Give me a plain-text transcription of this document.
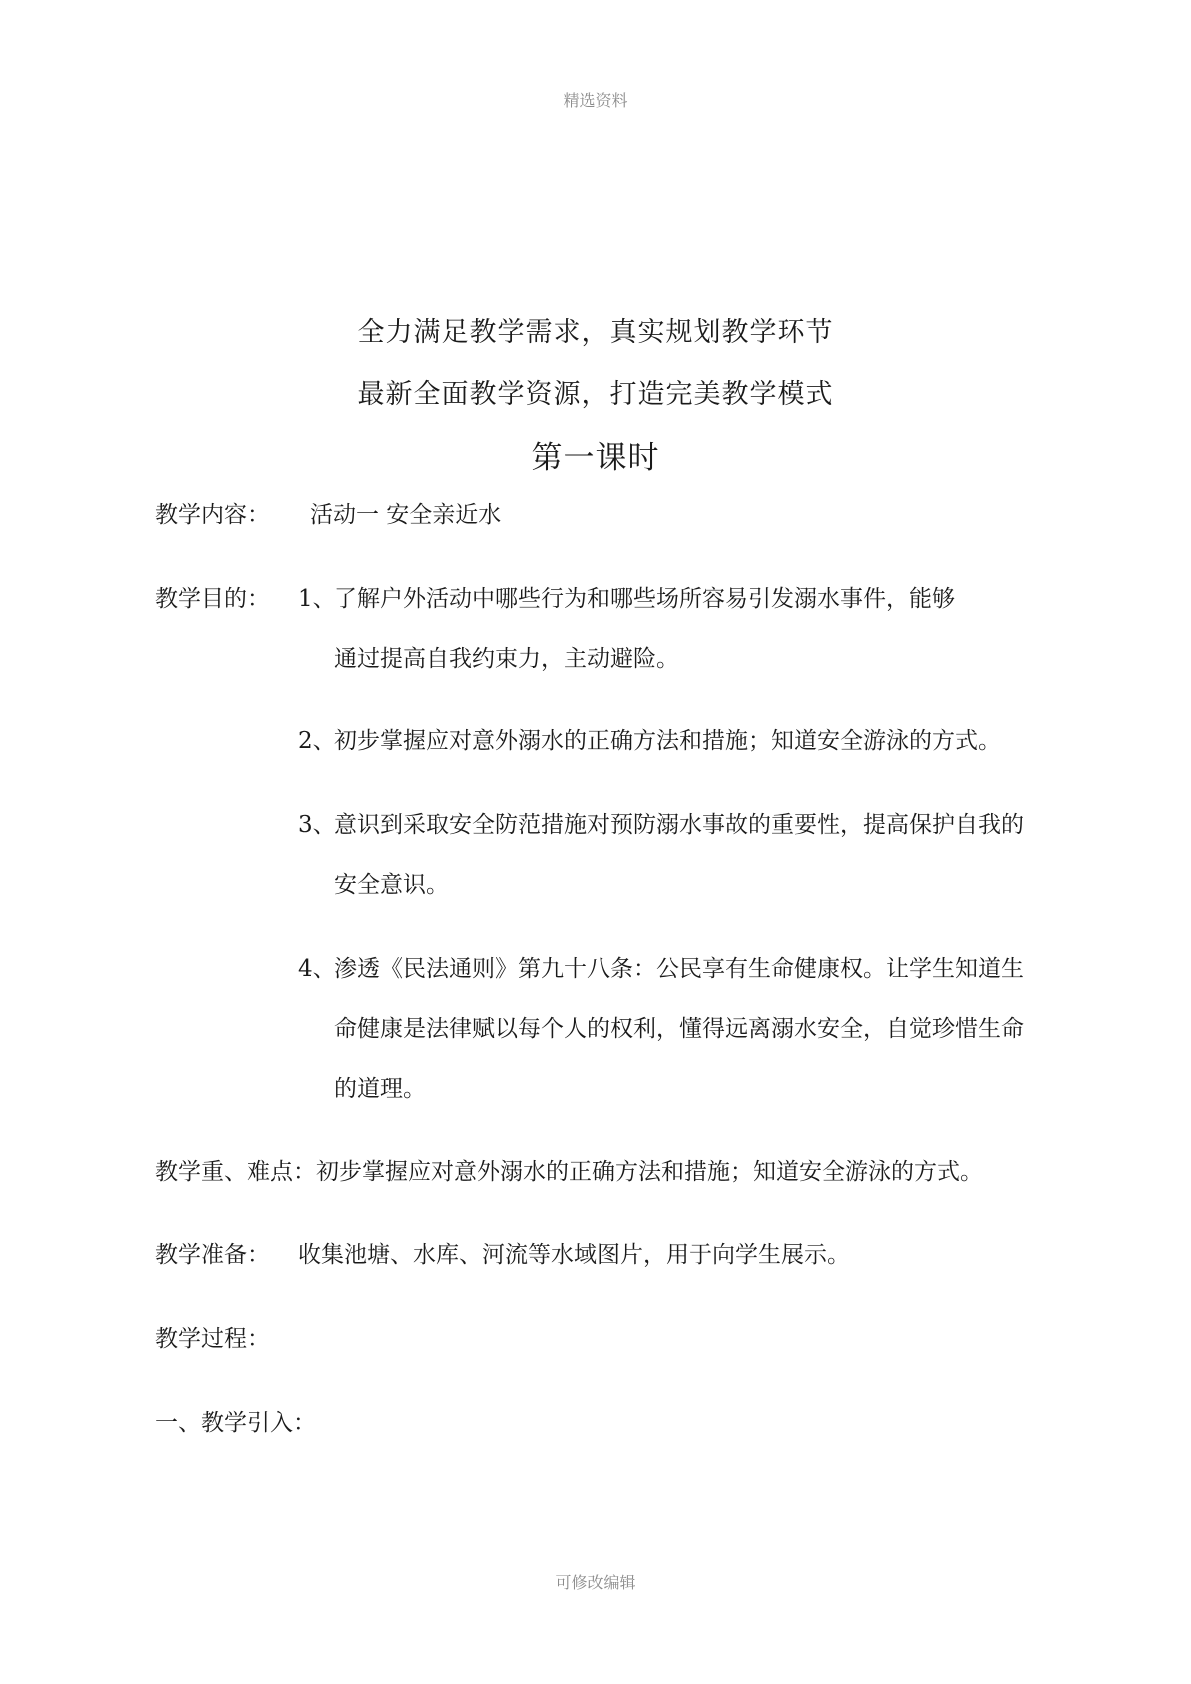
精选资料
全力满足教学需求，真实规划教学环节
最新全面教学资源，打造完美教学模式
第一课时
教学内容： 活动一 安全亲近水
教学目的： 1、
了解户外活动中哪些行为和哪些场所容易引发溺水事件，能够
通过提高自我约束力，主动避险。
2、
初步掌握应对意外溺水的正确方法和措施；知道安全游泳的方式。
3、
意识到采取安全防范措施对预防溺水事故的重要性，提高保护自我的
安全意识。
4、
渗透《民法通则》第九十八条：公民享有生命健康权。让学生知道生
命健康是法律赋以每个人的权利，懂得远离溺水安全，自觉珍惜生命
的道理。
教学重、难点：初步掌握应对意外溺水的正确方法和措施；知道安全游泳的方式。
教学准备： 收集池塘、水库、河流等水域图片，用于向学生展示。
教学过程：
一、教学引入：
可修改编辑
